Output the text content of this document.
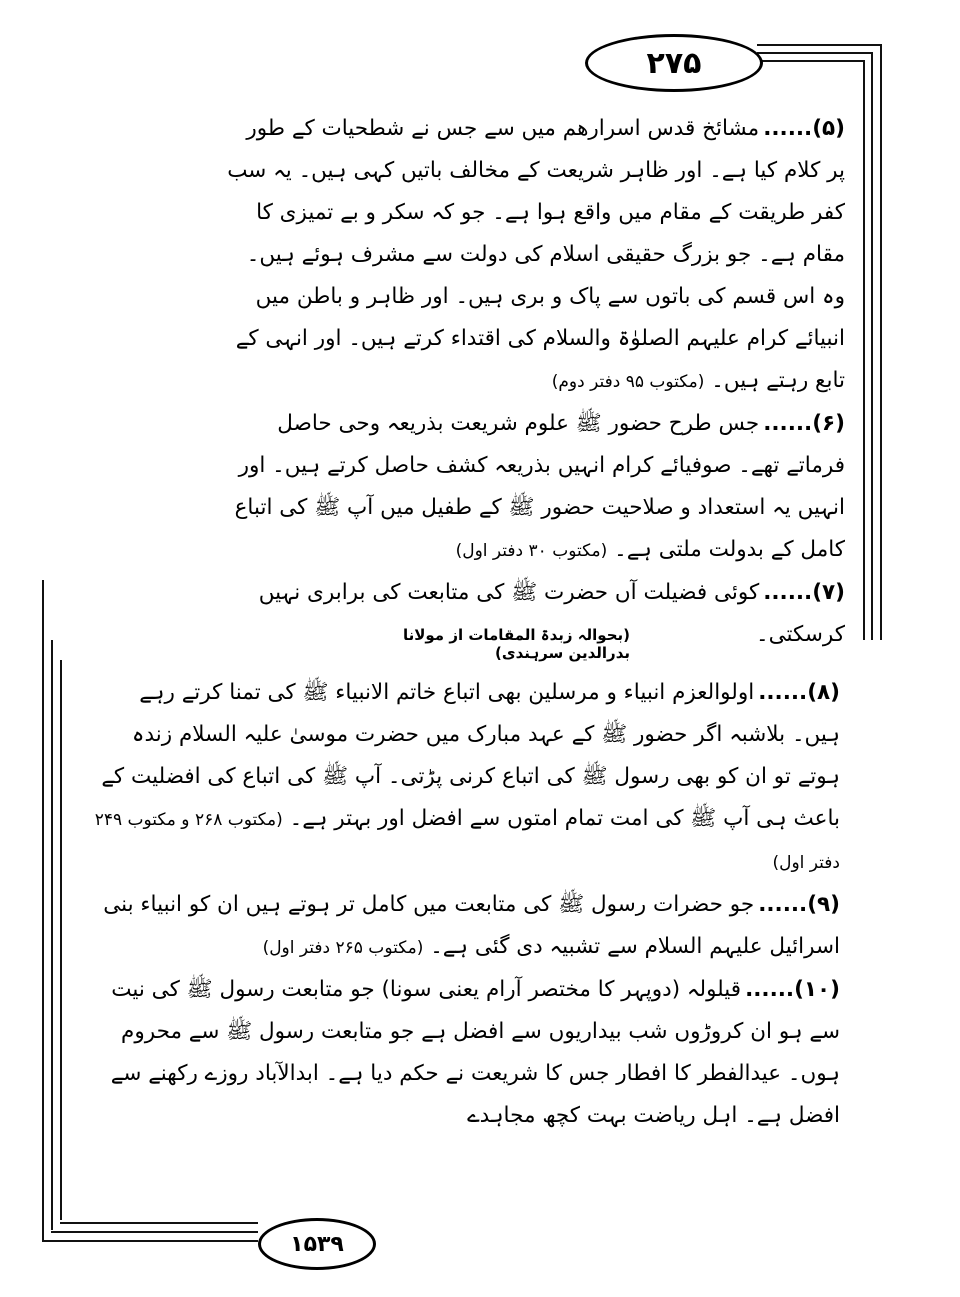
۲۷۵

(۵)......مشائخ قدس اسرارھم میں سے جس نے شطحیات کے طور پر کلام کیا ہے۔ اور ظاہر شریعت کے مخالف باتیں کہی ہیں۔ یہ سب کفر طریقت کے مقام میں واقع ہوا ہے۔ جو کہ سکر و بے تمیزی کا مقام ہے۔ جو بزرگ حقیقی اسلام کی دولت سے مشرف ہوئے ہیں۔ وہ اس قسم کی باتوں سے پاک و بری ہیں۔ اور ظاہر و باطن میں انبیائے کرام علیہم الصلوٰۃ والسلام کی اقتداء کرتے ہیں۔ اور انہی کے تابع رہتے ہیں۔ (مکتوب ۹۵ دفتر دوم)

(۶)......جس طرح حضور ﷺ علوم شریعت بذریعہ وحی حاصل فرماتے تھے۔ صوفیائے کرام انہیں بذریعہ کشف حاصل کرتے ہیں۔ اور انہیں یہ استعداد و صلاحیت حضور ﷺ کے طفیل میں آپ ﷺ کی اتباع کامل کے بدولت ملتی ہے۔ (مکتوب ۳۰ دفتر اول)

(۷)......کوئی فضیلت آں حضرت ﷺ کی متابعت کی برابری نہیں کرسکتی۔

(بحوالہ زبدۃ المقامات از مولانا بدرالدین سرہندی)

(۸)......اولوالعزم انبیاء و مرسلین بھی اتباع خاتم الانبیاء ﷺ کی تمنا کرتے رہے ہیں۔ بلاشبہ اگر حضور ﷺ کے عہد مبارک میں حضرت موسیٰ علیہ السلام زندہ ہوتے تو ان کو بھی رسول ﷺ کی اتباع کرنی پڑتی۔ آپ ﷺ کی اتباع کی افضلیت کے باعث ہی آپ ﷺ کی امت تمام امتوں سے افضل اور بہتر ہے۔ (مکتوب ۲۶۸ و مکتوب ۲۴۹ دفتر اول)

(۹)......جو حضرات رسول ﷺ کی متابعت میں کامل تر ہوتے ہیں ان کو انبیاء بنی اسرائیل علیہم السلام سے تشبیہ دی گئی ہے۔ (مکتوب ۲۶۵ دفتر اول)

(۱۰)......قیلولہ (دوپہر کا مختصر آرام یعنی سونا) جو متابعت رسول ﷺ کی نیت سے ہو ان کروڑوں شب بیداریوں سے افضل ہے جو متابعت رسول ﷺ سے محروم ہوں۔ عیدالفطر کا افطار جس کا شریعت نے حکم دیا ہے۔ ابدالآباد روزے رکھنے سے افضل ہے۔ اہل ریاضت بہت کچھ مجاہدے

۱۵۳۹
